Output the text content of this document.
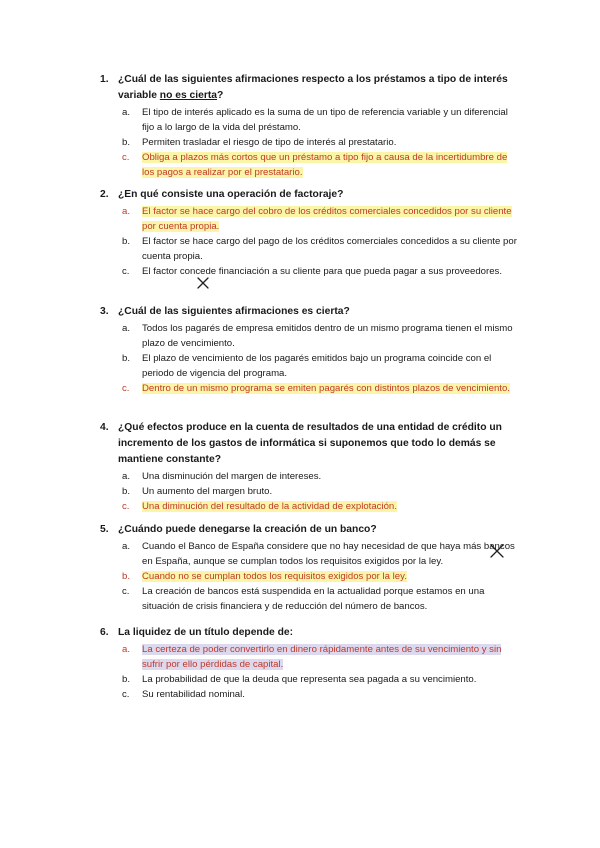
1. ¿Cuál de las siguientes afirmaciones respecto a los préstamos a tipo de interés variable no es cierta?
a.	El tipo de interés aplicado es la suma de un tipo de referencia variable y un diferencial fijo a lo largo de la vida del préstamo.
b.	Permiten trasladar el riesgo de tipo de interés al prestatario.
c.	Obliga a plazos más cortos que un préstamo a tipo fijo a causa de la incertidumbre de los pagos a realizar por el prestatario.
2. ¿En qué consiste una operación de factoraje?
a.	El factor se hace cargo del cobro de los créditos comerciales concedidos por su cliente por cuenta propia.
b.	El factor se hace cargo del pago de los créditos comerciales concedidos a su cliente por cuenta propia.
c.	El factor concede financiación a su cliente para que pueda pagar a sus proveedores.
3. ¿Cuál de las siguientes afirmaciones es cierta?
a.	Todos los pagarés de empresa emitidos dentro de un mismo programa tienen el mismo plazo de vencimiento.
b.	El plazo de vencimiento de los pagarés emitidos bajo un programa coincide con el periodo de vigencia del programa.
c.	Dentro de un mismo programa se emiten pagarés con distintos plazos de vencimiento.
4. ¿Qué efectos produce en la cuenta de resultados de una entidad de crédito un incremento de los gastos de informática si suponemos que todo lo demás se mantiene constante?
a.	Una disminución del margen de intereses.
b.	Un aumento del margen bruto.
c.	Una diminución del resultado de la actividad de explotación.
5. ¿Cuándo puede denegarse la creación de un banco?
a.	Cuando el Banco de España considere que no hay necesidad de que haya más bancos en España, aunque se cumplan todos los requisitos exigidos por la ley.
b.	Cuando no se cumplan todos los requisitos exigidos por la ley.
c.	La creación de bancos está suspendida en la actualidad porque estamos en una situación de crisis financiera y de reducción del número de bancos.
6. La liquidez de un título depende de:
a.	La certeza de poder convertirlo en dinero rápidamente antes de su vencimiento y sin sufrir por ello pérdidas de capital.
b.	La probabilidad de que la deuda que representa sea pagada a su vencimiento.
c.	Su rentabilidad nominal.
